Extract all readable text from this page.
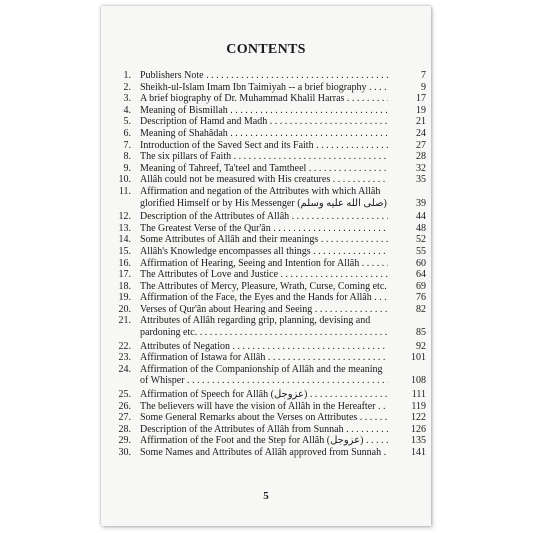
CONTENTS
1. Publishers Note . . .	7
2. Sheikh-ul-Islam Imam Ibn Taimiyah -- a brief biography . . .	9
3. A brief biography of Dr. Muhammad Khalil Harras . . .	17
4. Meaning of Bismillah . . .	19
5. Description of Hamd and Madh . . .	21
6. Meaning of Shahâdah . . .	24
7. Introduction of the Saved Sect and its Faith . . .	27
8. The six pillars of Faith . . .	28
9. Meaning of Tahreef, Ta'teel and Tamtheel . . .	32
10. Allâh could not be measured with His creatures . . .	35
11. Affirmation and negation of the Attributes with which Allâh
glorified Himself or by His Messenger (صلى الله عليه وسلم) . . .	39
12. Description of the Attributes of Allâh . . .	44
13. The Greatest Verse of the Qur'ân . . .	48
14. Some Attributes of Allâh and their meanings . . .	52
15. Allâh's Knowledge encompasses all things . . .	55
16. Affirmation of Hearing, Seeing and Intention for Allâh . . .	60
17. The Attributes of Love and Justice . . .	64
18. The Attributes of Mercy, Pleasure, Wrath, Curse, Coming etc. . . .	69
19. Affirmation of the Face, the Eyes and the Hands for Allâh . . .	76
20. Verses of Qur'ân about Hearing and Seeing . . .	82
21. Attributes of Allâh regarding grip, planning, devising and
pardoning etc. . . .	85
22. Attributes of Negation . . .	92
23. Affirmation of Istawa for Allâh . . .	101
24. Affirmation of the Companionship of Allâh and the meaning
of Whisper . . .	108
25. Affirmation of Speech for Allâh (عزوجل) . . .	111
26. The believers will have the vision of Allâh in the Hereafter . . .	119
27. Some General Remarks about the Verses on Attributes . . .	122
28. Description of the Attributes of Allâh from Sunnah . . .	126
29. Affirmation of the Foot and the Step for Allâh (عزوجل) . . .	135
30. Some Names and Attributes of Allâh approved from Sunnah . . .	141
5
